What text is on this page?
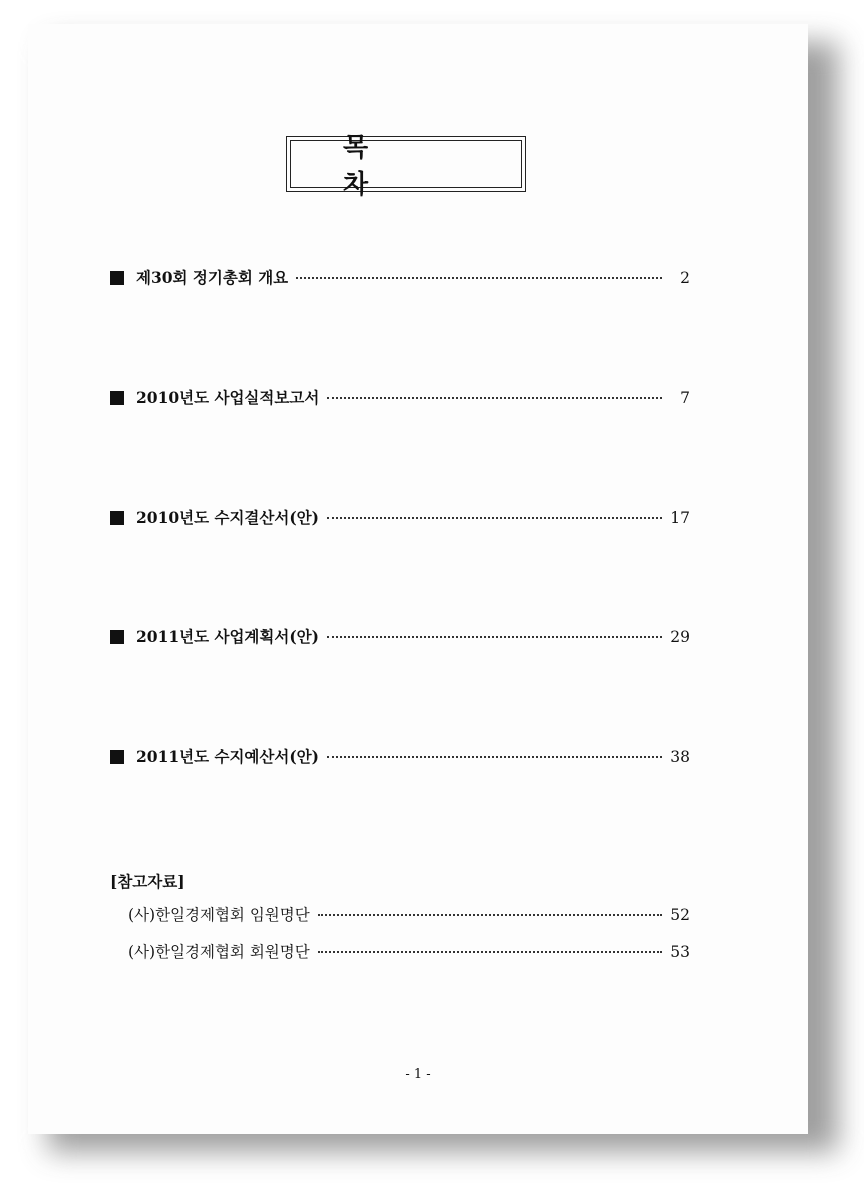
목 차
제30회 정기총회 개요	2
2010년도 사업실적보고서	7
2010년도 수지결산서(안)	17
2011년도 사업계획서(안)	29
2011년도 수지예산서(안)	38
[참고자료]
(사)한일경제협회 임원명단	52
(사)한일경제협회 회원명단	53
- 1 -
